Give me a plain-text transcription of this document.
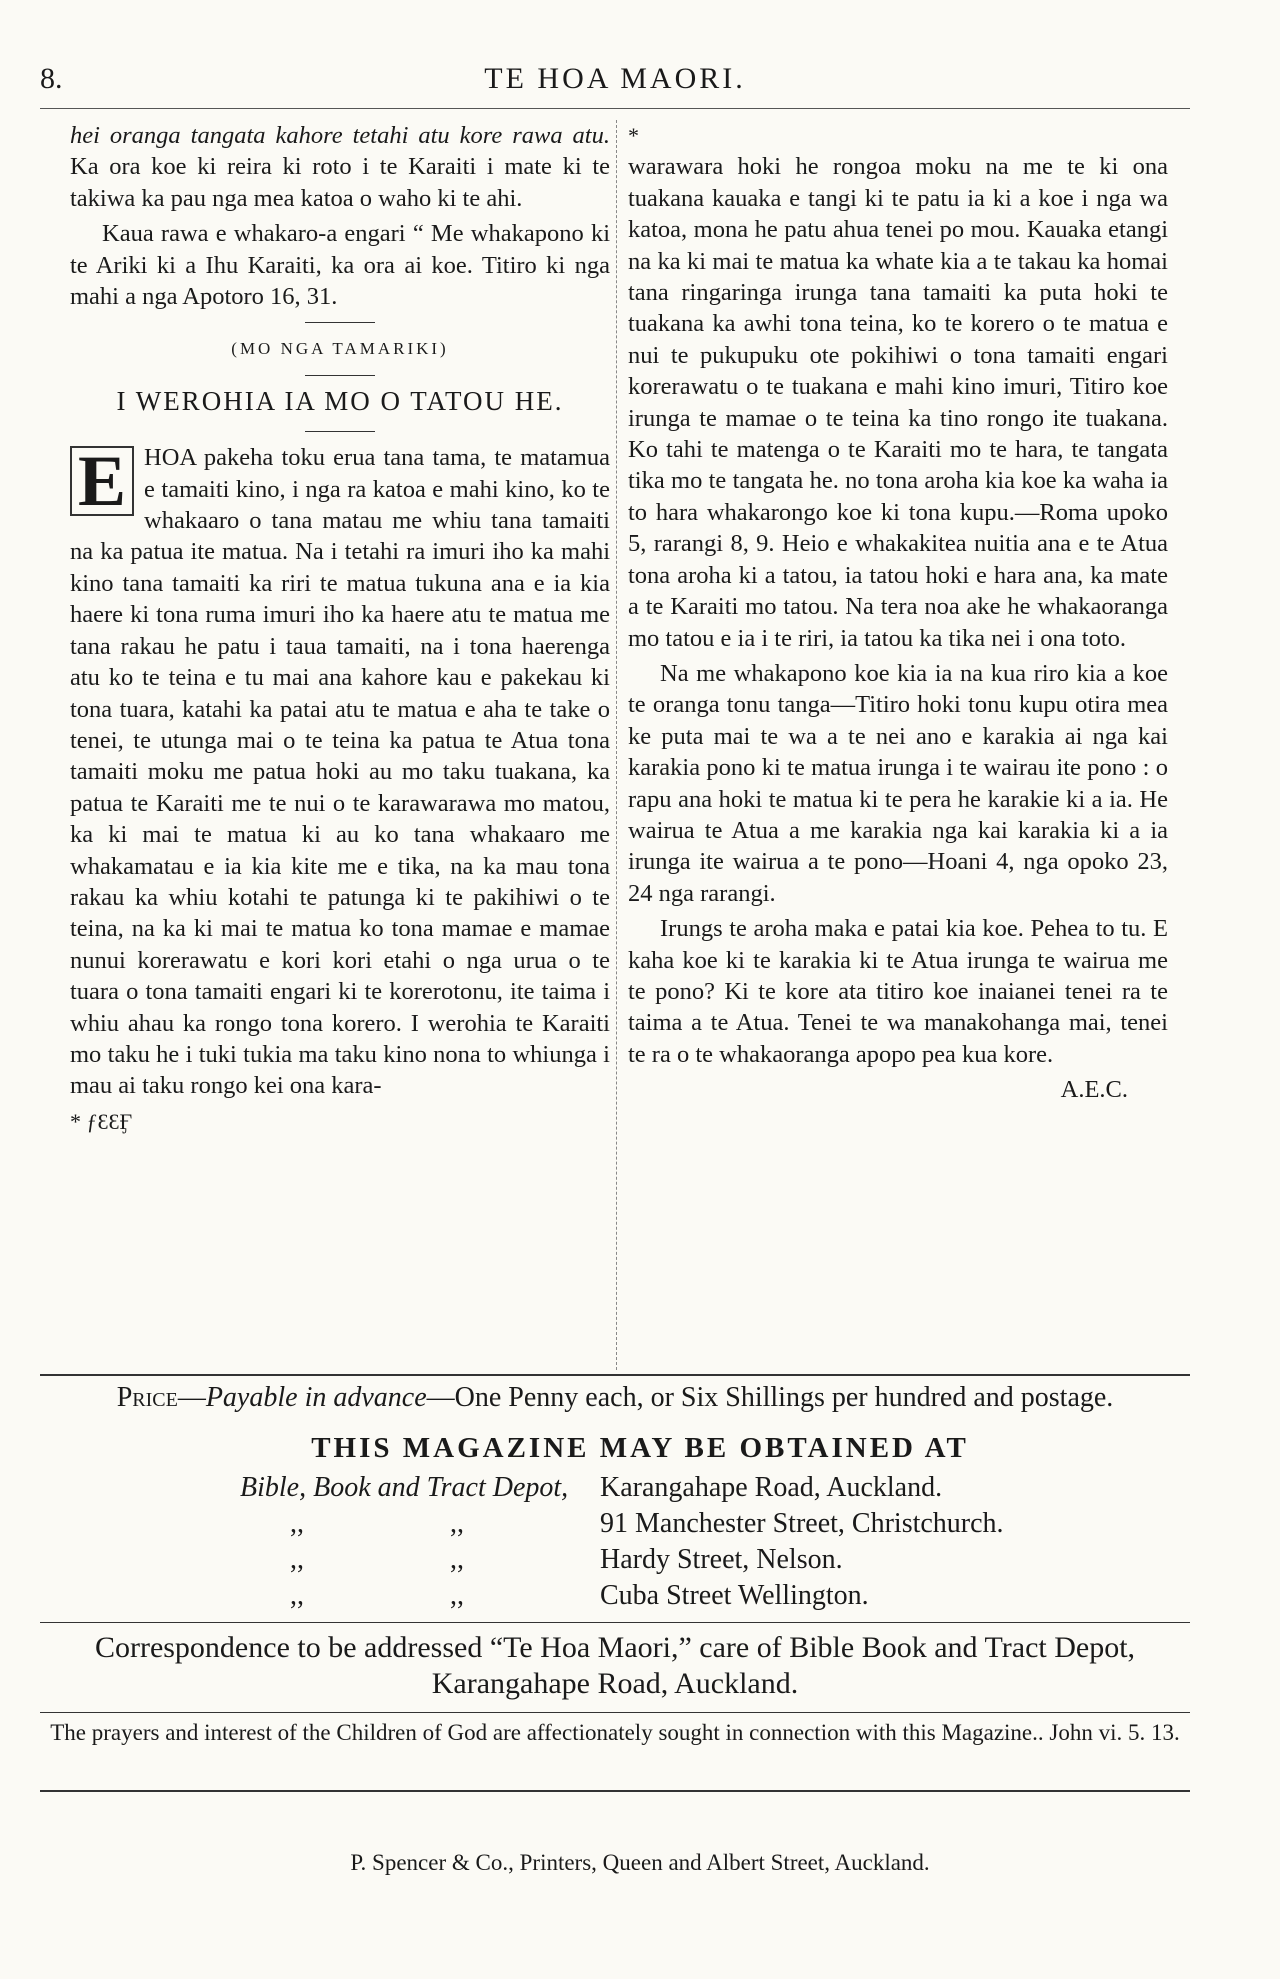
8.	TE HOA MAORI.

hei oranga tangata kahore tetahi atu kore rawa atu. Ka ora koe ki reira ki roto i te Karaiti i mate ki te takiwa ka pau nga mea katoa o waho ki te ahi.

Kaua rawa e whakaro-a engari “ Me whakapono ki te Ariki ki a Ihu Karaiti, ka ora ai koe. Titiro ki nga mahi a nga Apotoro 16, 31.

(MO NGA TAMARIKI)
I WEROHIA IA MO O TATOU HE.

E HOA pakeha toku erua tana tama, te matamua e tamaiti kino, i nga ra katoa e mahi kino, ko te whakaaro o tana matau me whiu tana tamaiti na ka patua ite matua. Na i tetahi ra imuri iho ka mahi kino tana tamaiti ka riri te matua tukuna ana e ia kia haere ki tona ruma imuri iho ka haere atu te matua me tana rakau he patu i taua tamaiti, na i tona haerenga atu ko te teina e tu mai ana kahore kau e pakekau ki tona tuara, katahi ka patai atu te matua e aha te take o tenei, te utunga mai o te teina ka patua te Atua tona tamaiti moku me patua hoki au mo taku tuakana, ka patua te Karaiti me te nui o te karawarawa mo matou, ka ki mai te matua ki au ko tana whakaaro me whakamatau e ia kia kite me e tika, na ka mau tona rakau ka whiu kotahi te patunga ki te pakihiwi o te teina, na ka ki mai te matua ko tona mamae e mamae nunui korerawatu e kori kori etahi o nga urua o te tuara o tona tamaiti engari ki te korerotonu, ite taima i whiu ahau ka rongo tona korero. I werohia te Karaiti mo taku he i tuki tukia ma taku kino nona to whiunga i mau ai taku rongo kei ona kara-

* ƒƐƐӺ
*

warawara hoki he rongoa moku na me te ki ona tuakana kauaka e tangi ki te patu ia ki a koe i nga wa katoa, mona he patu ahua tenei po mou. Kauaka etangi na ka ki mai te matua ka whate kia a te takau ka homai tana ringaringa irunga tana tamaiti ka puta hoki te tuakana ka awhi tona teina, ko te korero o te matua e nui te pukupuku ote pokihiwi o tona tamaiti engari korerawatu o te tuakana e mahi kino imuri, Titiro koe irunga te mamae o te teina ka tino rongo ite tuakana. Ko tahi te matenga o te Karaiti mo te hara, te tangata tika mo te tangata he. no tona aroha kia koe ka waha ia to hara whakarongo koe ki tona kupu.—Roma upoko 5, rarangi 8, 9. Heio e whakakitea nuitia ana e te Atua tona aroha ki a tatou, ia tatou hoki e hara ana, ka mate a te Karaiti mo tatou. Na tera noa ake he whakaoranga mo tatou e ia i te riri, ia tatou ka tika nei i ona toto.

Na me whakapono koe kia ia na kua riro kia a koe te oranga tonu tanga—Titiro hoki tonu kupu otira mea ke puta mai te wa a te nei ano e karakia ai nga kai karakia pono ki te matua irunga i te wairau ite pono : o rapu ana hoki te matua ki te pera he karakie ki a ia. He wairua te Atua a me karakia nga kai karakia ki a ia irunga ite wairua a te pono—Hoani 4, nga opoko 23, 24 nga rarangi.

Irungs te aroha maka e patai kia koe. Pehea to tu. E kaha koe ki te karakia ki te Atua irunga te wairua me te pono? Ki te kore ata titiro koe inaianei tenei ra te taima a te Atua. Tenei te wa manakohanga mai, tenei te ra o te whakaoranga apopo pea kua kore.

A.E.C.
Price—Payable in advance—One Penny each, or Six Shillings per hundred and postage.
THIS MAGAZINE MAY BE OBTAINED AT
Bible, Book and Tract Depot, Karangahape Road, Auckland.
,,	,,	91 Manchester Street, Christchurch.
,,	,,	Hardy Street, Nelson.
,,	,,	Cuba Street Wellington.
Correspondence to be addressed “Te Hoa Maori,” care of Bible Book and Tract Depot, Karangahape Road, Auckland.
The prayers and interest of the Children of God are affectionately sought in connection with this Magazine.. John vi. 5. 13.
P. Spencer & Co., Printers, Queen and Albert Street, Auckland.
